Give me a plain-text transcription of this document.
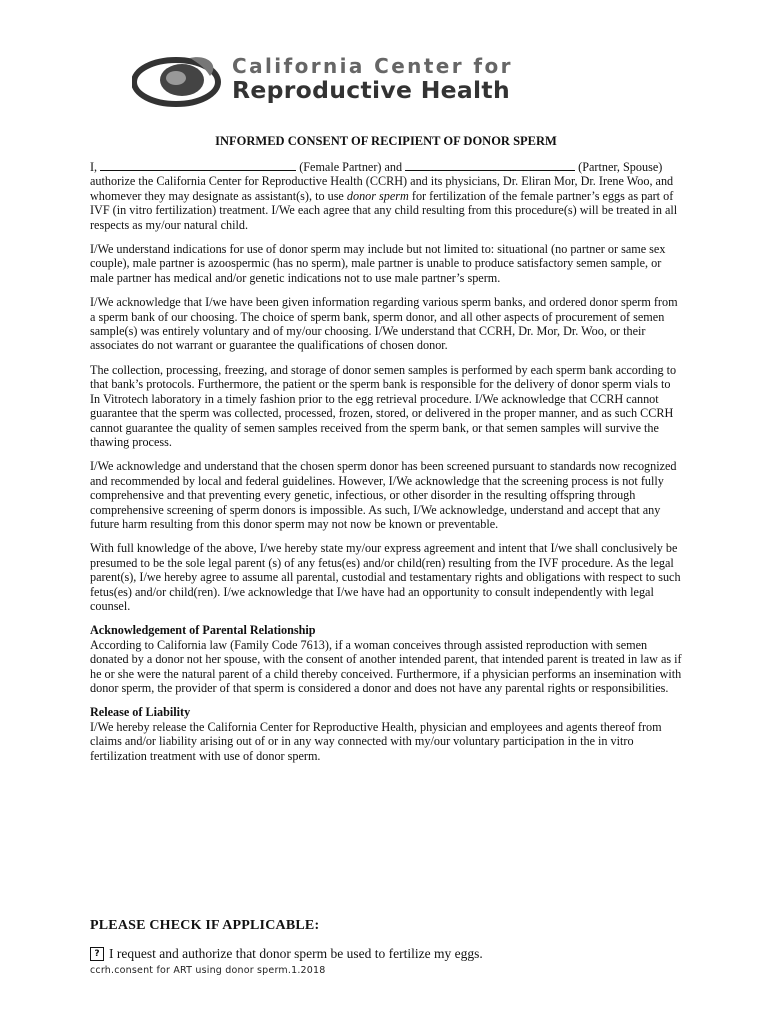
California Center for
Reproductive Health
INFORMED CONSENT OF RECIPIENT OF DONOR SPERM

I,	(Female Partner) and	(Partner, Spouse) authorize the California Center for Reproductive Health (CCRH) and its physicians, Dr. Eliran Mor, Dr. Irene Woo, and whomever they may designate as assistant(s), to use donor sperm for fertilization of the female partner’s eggs as part of IVF (in vitro fertilization) treatment. I/We each agree that any child resulting from this procedure(s) will be treated in all respects as my/our natural child.

I/We understand indications for use of donor sperm may include but not limited to: situational (no partner or same sex couple), male partner is azoospermic (has no sperm), male partner is unable to produce satisfactory semen sample, or male partner has medical and/or genetic indications not to use male partner’s sperm.

I/We acknowledge that I/we have been given information regarding various sperm banks, and ordered donor sperm from a sperm bank of our choosing. The choice of sperm bank, sperm donor, and all other aspects of procurement of semen sample(s) was entirely voluntary and of my/our choosing. I/We understand that CCRH, Dr. Mor, Dr. Woo, or their associates do not warrant or guarantee the qualifications of chosen donor.

The collection, processing, freezing, and storage of donor semen samples is performed by each sperm bank according to that bank’s protocols. Furthermore, the patient or the sperm bank is responsible for the delivery of donor sperm vials to In Vitrotech laboratory in a timely fashion prior to the egg retrieval procedure. I/We acknowledge that CCRH cannot guarantee that the sperm was collected, processed, frozen, stored, or delivered in the proper manner, and as such CCRH cannot guarantee the quality of semen samples received from the sperm bank, or that semen samples will survive the thawing process.

I/We acknowledge and understand that the chosen sperm donor has been screened pursuant to standards now recognized and recommended by local and federal guidelines. However, I/We acknowledge that the screening process is not fully comprehensive and that preventing every genetic, infectious, or other disorder in the resulting offspring through comprehensive screening of sperm donors is impossible. As such, I/We acknowledge, understand and accept that any future harm resulting from this donor sperm may not now be known or preventable.

With full knowledge of the above, I/we hereby state my/our express agreement and intent that I/we shall conclusively be presumed to be the sole legal parent (s) of any fetus(es) and/or child(ren) resulting from the IVF procedure. As the legal parent(s), I/we hereby agree to assume all parental, custodial and testamentary rights and obligations with respect to such fetus(es) and/or child(ren). I/we acknowledge that I/we have had an opportunity to consult independently with legal counsel.

Acknowledgement of Parental Relationship
According to California law (Family Code 7613), if a woman conceives through assisted reproduction with semen donated by a donor not her spouse, with the consent of another intended parent, that intended parent is treated in law as if he or she were the natural parent of a child thereby conceived. Furthermore, if a physician performs an insemination with donor sperm, the provider of that sperm is considered a donor and does not have any parental rights or responsibilities.

Release of Liability
I/We hereby release the California Center for Reproductive Health, physician and employees and agents thereof from claims and/or liability arising out of or in any way connected with my/our voluntary participation in the in vitro fertilization treatment with use of donor sperm.

PLEASE CHECK IF APPLICABLE:
? I request and authorize that donor sperm be used to fertilize my eggs.
ccrh.consent for ART using donor sperm.1.2018
